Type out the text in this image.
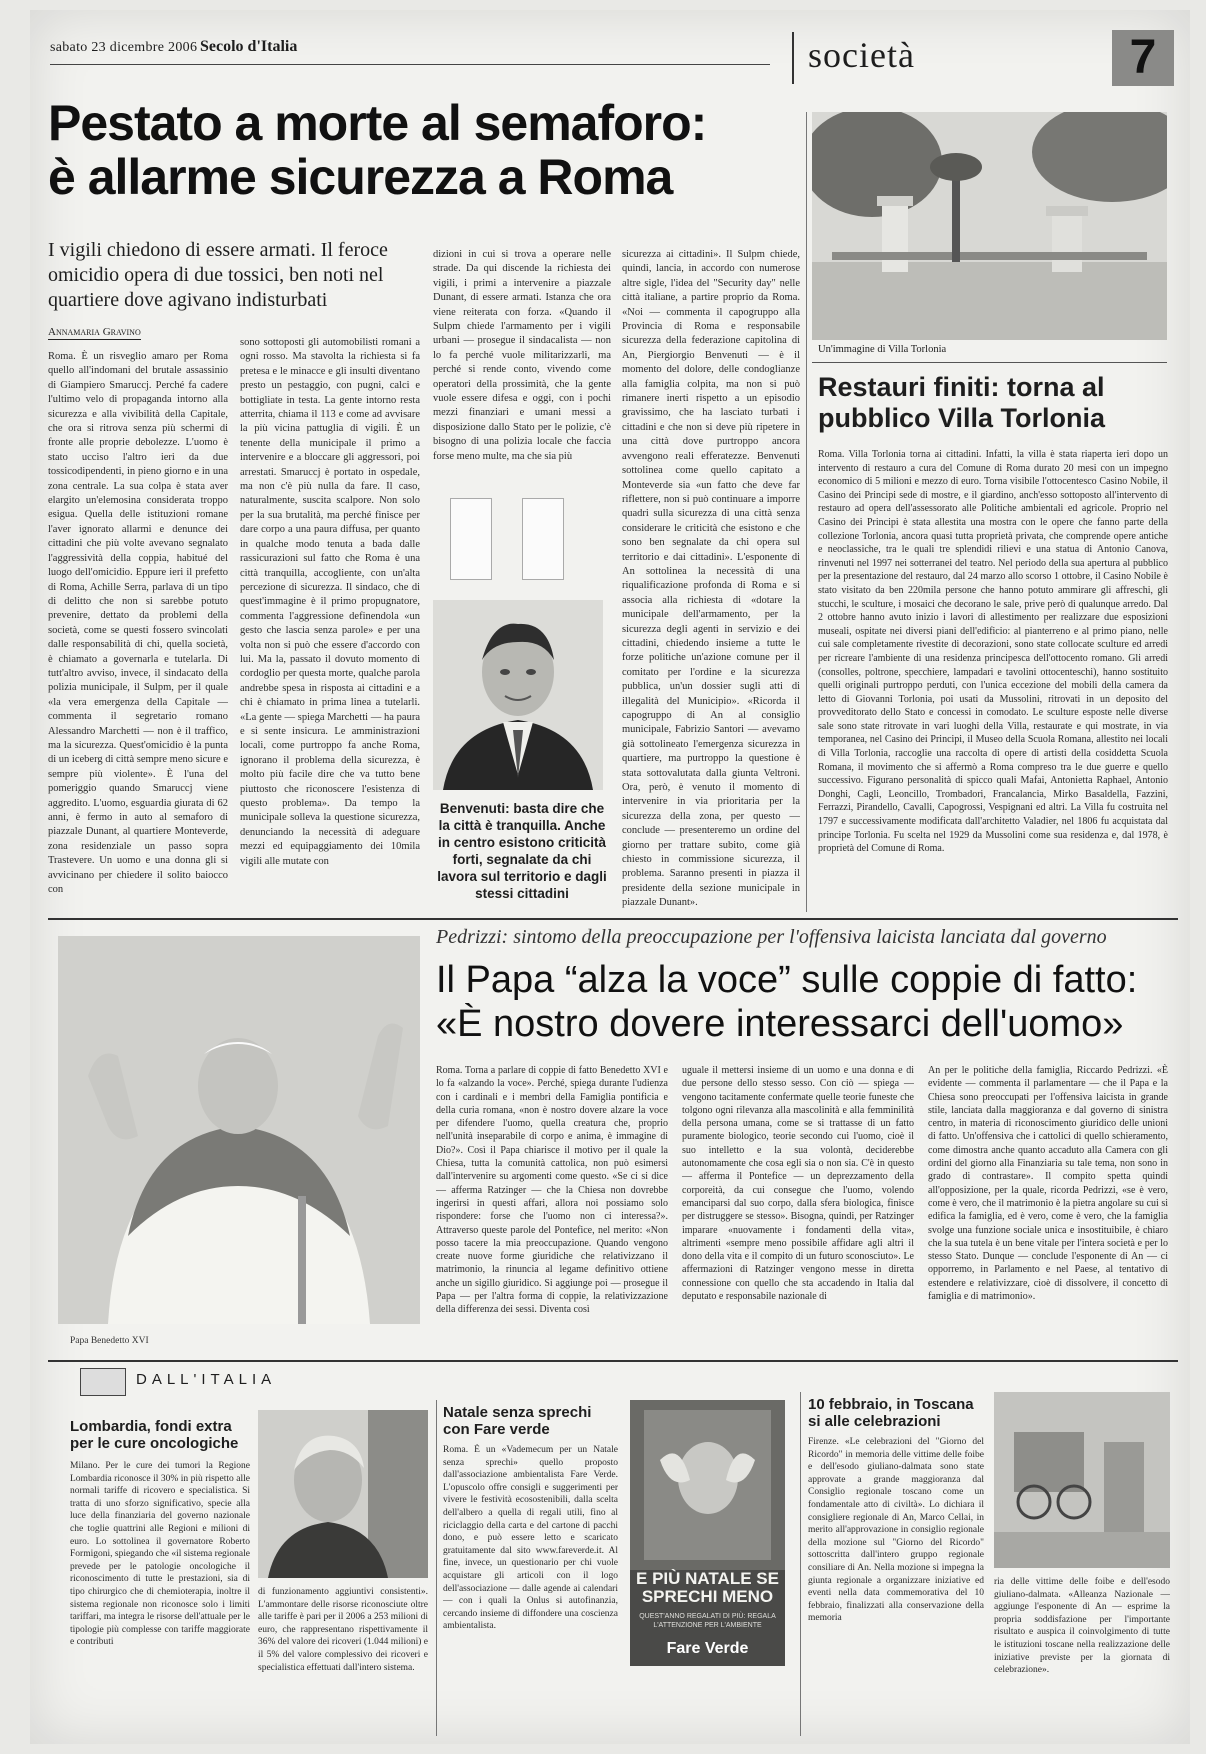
sabato 23 dicembre 2006 Secolo d'Italia	società	7
Pestato a morte al semaforo:
è allarme sicurezza a Roma
I vigili chiedono di essere armati. Il feroce omicidio opera di due tossici, ben noti nel quartiere dove agivano indisturbati
Annamaria Gravino
Roma. È un risveglio amaro per Roma quello all'indomani del brutale assassinio di Giampiero Smaruccj. Perché fa cadere l'ultimo velo di propaganda intorno alla sicurezza e alla vivibilità della Capitale, che ora si ritrova senza più schermi di fronte alle proprie debolezze. L'uomo è stato ucciso l'altro ieri da due tossicodipendenti, in pieno giorno e in una zona centrale. La sua colpa è stata aver elargito un'elemosina considerata troppo esigua. Quella delle istituzioni romane l'aver ignorato allarmi e denunce dei cittadini che più volte avevano segnalato l'aggressività della coppia, habitué del luogo dell'omicidio. Eppure ieri il prefetto di Roma, Achille Serra, parlava di un tipo di delitto che non si sarebbe potuto prevenire, dettato da problemi della società, come se questi fossero svincolati dalle responsabilità di chi, quella società, è chiamato a governarla e tutelarla. Di tutt'altro avviso, invece, il sindacato della polizia municipale, il Sulpm, per il quale «la vera emergenza della Capitale — commenta il segretario romano Alessandro Marchetti — non è il traffico, ma la sicurezza. Quest'omicidio è la punta di un iceberg di città sempre meno sicure e sempre più violente». È l'una del pomeriggio quando Smaruccj viene aggredito. L'uomo, esguardia giurata di 62 anni, è fermo in auto al semaforo di piazzale Dunant, al quartiere Monteverde, zona residenziale un passo sopra Trastevere. Un uomo e una donna gli si avvicinano per chiedere il solito baiocco con
sono sottoposti gli automobilisti romani a ogni rosso. Ma stavolta la richiesta si fa pretesa e le minacce e gli insulti diventano presto un pestaggio, con pugni, calci e bottigliate in testa. La gente intorno resta atterrita, chiama il 113 e come ad avvisare la più vicina pattuglia di vigili. È un tenente della municipale il primo a intervenire e a bloccare gli aggressori, poi arrestati. Smaruccj è portato in ospedale, ma non c'è più nulla da fare. Il caso, naturalmente, suscita scalpore. Non solo per la sua brutalità, ma perché finisce per dare corpo a una paura diffusa, per quanto in qualche modo tenuta a bada dalle rassicurazioni sul fatto che Roma è una città tranquilla, accogliente, con un'alta percezione di sicurezza. Il sindaco, che di quest'immagine è il primo propugnatore, commenta l'aggressione definendola «un gesto che lascia senza parole» e per una volta non si può che essere d'accordo con lui. Ma la, passato il dovuto momento di cordoglio per questa morte, qualche parola andrebbe spesa in risposta ai cittadini e a chi è chiamato in prima linea a tutelarli. «La gente — spiega Marchetti — ha paura e si sente insicura. Le amministrazioni locali, come purtroppo fa anche Roma, ignorano il problema della sicurezza, è molto più facile dire che va tutto bene piuttosto che riconoscere l'esistenza di questo problema». Da tempo la municipale solleva la questione sicurezza, denunciando la necessità di adeguare mezzi ed equipaggiamento dei 10mila vigili alle mutate con
dizioni in cui si trova a operare nelle strade. Da qui discende la richiesta dei vigili, i primi a intervenire a piazzale Dunant, di essere armati. Istanza che ora viene reiterata con forza. «Quando il Sulpm chiede l'armamento per i vigili urbani — prosegue il sindacalista — non lo fa perché vuole militarizzarli, ma perché si rende conto, vivendo come operatori della prossimità, che la gente vuole essere difesa e oggi, con i pochi mezzi finanziari e umani messi a disposizione dallo Stato per le polizie, c'è bisogno di una polizia locale che faccia forse meno multe, ma che sia più
sicurezza ai cittadini». Il Sulpm chiede, quindi, lancia, in accordo con numerose altre sigle, l'idea del "Security day" nelle città italiane, a partire proprio da Roma. «Noi — commenta il capogruppo alla Provincia di Roma e responsabile sicurezza della federazione capitolina di An, Piergiorgio Benvenuti — è il momento del dolore, delle condoglianze alla famiglia colpita, ma non si può rimanere inerti rispetto a un episodio gravissimo, che ha lasciato turbati i cittadini e che non si deve più ripetere in una città dove purtroppo ancora avvengono reali efferatezze. Benvenuti sottolinea come quello capitato a Monteverde sia «un fatto che deve far riflettere, non si può continuare a imporre quadri sulla sicurezza di una città senza considerare le criticità che esistono e che sono ben segnalate da chi opera sul territorio e dai cittadini». L'esponente di An sottolinea la necessità di una riqualificazione profonda di Roma e si associa alla richiesta di «dotare la municipale dell'armamento, per la sicurezza degli agenti in servizio e dei cittadini, chiedendo insieme a tutte le forze politiche un'azione comune per il comitato per l'ordine e la sicurezza pubblica, un'un dossier sugli atti di illegalità del Municipio». «Ricorda il capogruppo di An al consiglio municipale, Fabrizio Santori — avevamo già sottolineato l'emergenza sicurezza in quartiere, ma purtroppo la questione è stata sottovalutata dalla giunta Veltroni. Ora, però, è venuto il momento di intervenire in via prioritaria per la sicurezza della zona, per questo — conclude — presenteremo un ordine del giorno per trattare subito, come già chiesto in commissione sicurezza, il problema. Saranno presenti in piazza il presidente della sezione municipale in piazzale Dunant».
Benvenuti: basta dire che la città è tranquilla. Anche in centro esistono criticità forti, segnalate da chi lavora sul territorio e dagli stessi cittadini
Un'immagine di Villa Torlonia
Restauri finiti: torna al pubblico Villa Torlonia
Roma. Villa Torlonia torna ai cittadini. Infatti, la villa è stata riaperta ieri dopo un intervento di restauro a cura del Comune di Roma durato 20 mesi con un impegno economico di 5 milioni e mezzo di euro. Torna visibile l'ottocentesco Casino Nobile, il Casino dei Principi sede di mostre, e il giardino, anch'esso sottoposto all'intervento di restauro ad opera dell'assessorato alle Politiche ambientali ed agricole. Proprio nel Casino dei Principi è stata allestita una mostra con le opere che fanno parte della collezione Torlonia, ancora quasi tutta proprietà privata, che comprende opere antiche e neoclassiche, tra le quali tre splendidi rilievi e una statua di Antonio Canova, rinvenuti nel 1997 nei sotterranei del teatro. Nel periodo della sua apertura al pubblico per la presentazione del restauro, dal 24 marzo allo scorso 1 ottobre, il Casino Nobile è stato visitato da ben 220mila persone che hanno potuto ammirare gli affreschi, gli stucchi, le sculture, i mosaici che decorano le sale, prive però di qualunque arredo. Dal 2 ottobre hanno avuto inizio i lavori di allestimento per realizzare due esposizioni museali, ospitate nei diversi piani dell'edificio: al pianterreno e al primo piano, nelle cui sale completamente rivestite di decorazioni, sono state collocate sculture ed arredi per ricreare l'ambiente di una residenza principesca dell'ottocento romano. Gli arredi (consolles, poltrone, specchiere, lampadari e tavolini ottocenteschi), hanno sostituito quelli originali purtroppo perduti, con l'unica eccezione del mobili della camera da letto di Giovanni Torlonia, poi usati da Mussolini, ritrovati in un deposito del provveditorato dello Stato e concessi in comodato. Le sculture esposte nelle diverse sale sono state ritrovate in vari luoghi della Villa, restaurate e qui mostrate, in via temporanea, nel Casino dei Principi, il Museo della Scuola Romana, allestito nei locali di Villa Torlonia, raccoglie una raccolta di opere di artisti della cosiddetta Scuola Romana, il movimento che si affermò a Roma compreso tra le due guerre e quello successivo. Figurano personalità di spicco quali Mafai, Antonietta Raphael, Antonio Donghi, Cagli, Leoncillo, Trombadori, Francalancia, Mirko Basaldella, Fazzini, Ferrazzi, Pirandello, Cavalli, Capogrossi, Vespignani ed altri. La Villa fu costruita nel 1797 e successivamente modificata dall'architetto Valadier, nel 1806 fu acquistata dal principe Torlonia. Fu scelta nel 1929 da Mussolini come sua residenza e, dal 1978, è proprietà del Comune di Roma.
Papa Benedetto XVI
Pedrizzi: sintomo della preoccupazione per l'offensiva laicista lanciata dal governo
Il Papa “alza la voce” sulle coppie di fatto:
«È nostro dovere interessarci dell'uomo»
Roma. Torna a parlare di coppie di fatto Benedetto XVI e lo fa «alzando la voce». Perché, spiega durante l'udienza con i cardinali e i membri della Famiglia pontificia e della curia romana, «non è nostro dovere alzare la voce per difendere l'uomo, quella creatura che, proprio nell'unità inseparabile di corpo e anima, è immagine di Dio?». Così il Papa chiarisce il motivo per il quale la Chiesa, tutta la comunità cattolica, non può esimersi dall'intervenire su argomenti come questo. «Se ci si dice — afferma Ratzinger — che la Chiesa non dovrebbe ingerirsi in questi affari, allora noi possiamo solo rispondere: forse che l'uomo non ci interessa?». Attraverso queste parole del Pontefice, nel merito: «Non posso tacere la mia preoccupazione. Quando vengono create nuove forme giuridiche che relativizzano il matrimonio, la rinuncia al legame definitivo ottiene anche un sigillo giuridico. Si aggiunge poi — prosegue il Papa — per l'altra forma di coppie, la relativizzazione della differenza dei sessi. Diventa così
uguale il mettersi insieme di un uomo e una donna e di due persone dello stesso sesso. Con ciò — spiega — vengono tacitamente confermate quelle teorie funeste che tolgono ogni rilevanza alla mascolinità e alla femminilità della persona umana, come se si trattasse di un fatto puramente biologico, teorie secondo cui l'uomo, cioè il suo intelletto e la sua volontà, deciderebbe autonomamente che cosa egli sia o non sia. C'è in questo — afferma il Pontefice — un deprezzamento della corporeità, da cui consegue che l'uomo, volendo emanciparsi dal suo corpo, dalla sfera biologica, finisce per distruggere se stesso». Bisogna, quindi, per Ratzinger imparare «nuovamente i fondamenti della vita», altrimenti «sempre meno possibile affidare agli altri il dono della vita e il compito di un futuro sconosciuto». Le affermazioni di Ratzinger vengono messe in diretta connessione con quello che sta accadendo in Italia dal deputato e responsabile nazionale di
An per le politiche della famiglia, Riccardo Pedrizzi. «È evidente — commenta il parlamentare — che il Papa e la Chiesa sono preoccupati per l'offensiva laicista in grande stile, lanciata dalla maggioranza e dal governo di sinistra centro, in materia di riconoscimento giuridico delle unioni di fatto. Un'offensiva che i cattolici di quello schieramento, come dimostra anche quanto accaduto alla Camera con gli ordini del giorno alla Finanziaria su tale tema, non sono in grado di contrastare». Il compito spetta quindi all'opposizione, per la quale, ricorda Pedrizzi, «se è vero, come è vero, che il matrimonio è la pietra angolare su cui si edifica la famiglia, ed è vero, come è vero, che la famiglia svolge una funzione sociale unica e insostituibile, è chiaro che la sua tutela è un bene vitale per l'intera società e per lo stesso Stato. Dunque — conclude l'esponente di An — ci opporremo, in Parlamento e nel Paese, al tentativo di estendere e relativizzare, cioè di dissolvere, il concetto di famiglia e di matrimonio».
DALL'ITALIA
Lombardia, fondi extra per le cure oncologiche
Milano. Per le cure dei tumori la Regione Lombardia riconosce il 30% in più rispetto alle normali tariffe di ricovero e specialistica. Si tratta di uno sforzo significativo, specie alla luce della finanziaria del governo nazionale che toglie quattrini alle Regioni e milioni di euro. Lo sottolinea il governatore Roberto Formigoni, spiegando che «il sistema regionale prevede per le patologie oncologiche il riconoscimento di tutte le prestazioni, sia di tipo chirurgico che di chemioterapia, inoltre il sistema regionale non riconosce solo i limiti tariffari, ma integra le risorse dell'attuale per le tipologie più complesse con tariffe maggiorate e contributi
di funzionamento aggiuntivi consistenti». L'ammontare delle risorse riconosciute oltre alle tariffe è pari per il 2006 a 253 milioni di euro, che rappresentano rispettivamente il 36% del valore dei ricoveri (1.044 milioni) e il 5% del valore complessivo dei ricoveri e specialistica effettuati dall'intero sistema.
Natale senza sprechi con Fare verde
Roma. È un «Vademecum per un Natale senza sprechi» quello proposto dall'associazione ambientalista Fare Verde. L'opuscolo offre consigli e suggerimenti per vivere le festività ecosostenibili, dalla scelta dell'albero a quella di regali utili, fino al riciclaggio della carta e del cartone di pacchi dono, e può essere letto e scaricato gratuitamente dal sito www.fareverde.it. Al fine, invece, un questionario per chi vuole acquistare gli articoli con il logo dell'associazione — dalle agende ai calendari — con i quali la Onlus si autofinanzia, cercando insieme di diffondere una coscienza ambientalista.
E PIÙ NATALE SE SPRECHI MENO
QUEST'ANNO REGALATI DI PIÙ: REGALA L'ATTENZIONE PER L'AMBIENTE
Fare Verde
10 febbraio, in Toscana si alle celebrazioni
Firenze. «Le celebrazioni del "Giorno del Ricordo" in memoria delle vittime delle foibe e dell'esodo giuliano-dalmata sono state approvate a grande maggioranza dal Consiglio regionale toscano come un fondamentale atto di civiltà». Lo dichiara il consigliere regionale di An, Marco Cellai, in merito all'approvazione in consiglio regionale della mozione sul "Giorno del Ricordo" sottoscritta dall'intero gruppo regionale consiliare di An. Nella mozione si impegna la giunta regionale a organizzare iniziative ed eventi nella data commemorativa del 10 febbraio, finalizzati alla conservazione della memoria
ria delle vittime delle foibe e dell'esodo giuliano-dalmata. «Alleanza Nazionale — aggiunge l'esponente di An — esprime la propria soddisfazione per l'importante risultato e auspica il coinvolgimento di tutte le istituzioni toscane nella realizzazione delle iniziative previste per la giornata di celebrazione».
